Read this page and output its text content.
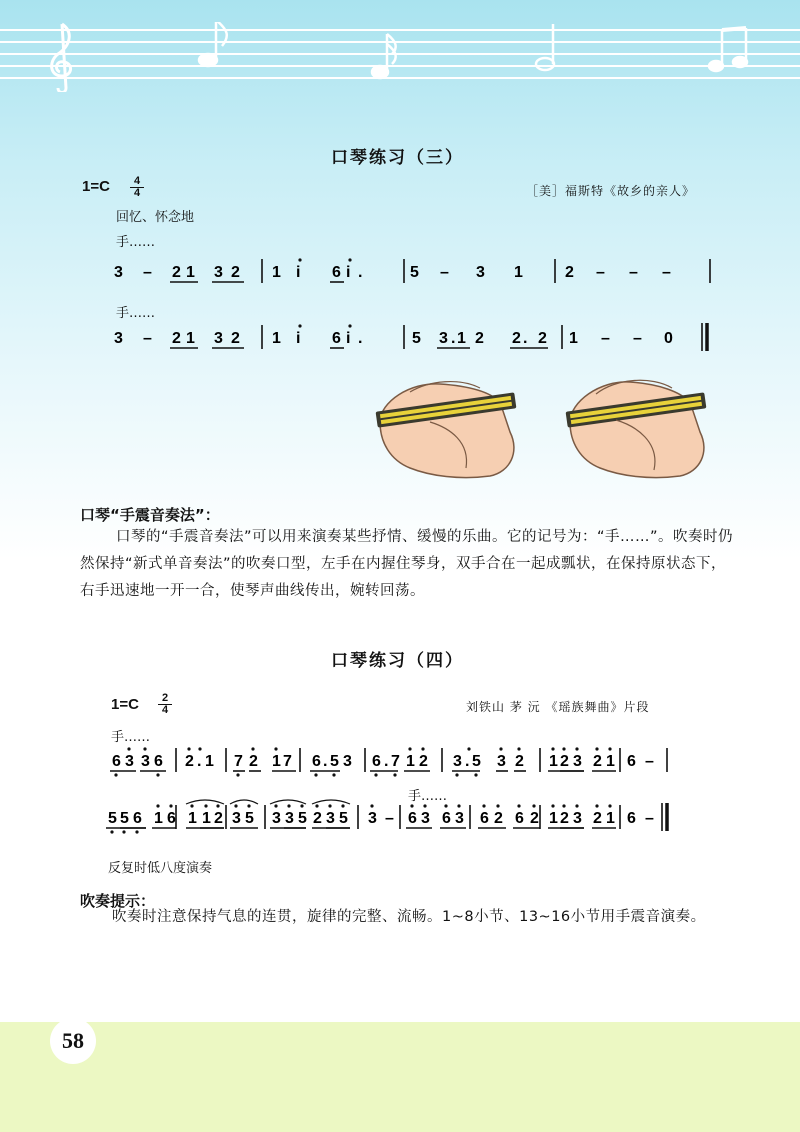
口琴练习（三）
1=C	4
4	［美］福斯特《故乡的亲人》
回忆、怀念地
手……
手……
3 – 2 1 3 2 1 i 6 i .	5 – 3 1	2 – – –
3 – 2 1 3 2 1 i 6 i .	5 3 . 1 2 2 . 2 1 – – 0
6 3 3 6 2 . 1 7 2 1 7 6 . 5 3 6 . 7 1 2 3 . 5 3 2 1 2 3 2 1 6 –
5 5 6 1 6 1 1 2 3 5 3 3 5 2 3 5 3 – 6 3 6 3 6 2 6 2 1 2 3 2 1 6 –
口琴“手震音奏法”：
口琴的“手震音奏法”可以用来演奏某些抒情、缓慢的乐曲。它的记号为：“手……”。吹奏时仍然保持“新式单音奏法”的吹奏口型，左手在内握住琴身，双手合在一起成瓢状，在保持原状态下，右手迅速地一开一合，使琴声曲线传出，婉转回荡。
口琴练习（四）
1=C	2
4	刘铁山 茅 沅 《瑶族舞曲》片段
手……
手……
反复时低八度演奏
吹奏提示：
吹奏时注意保持气息的连贯，旋律的完整、流畅。1~8小节、13~16小节用手震音演奏。
58
